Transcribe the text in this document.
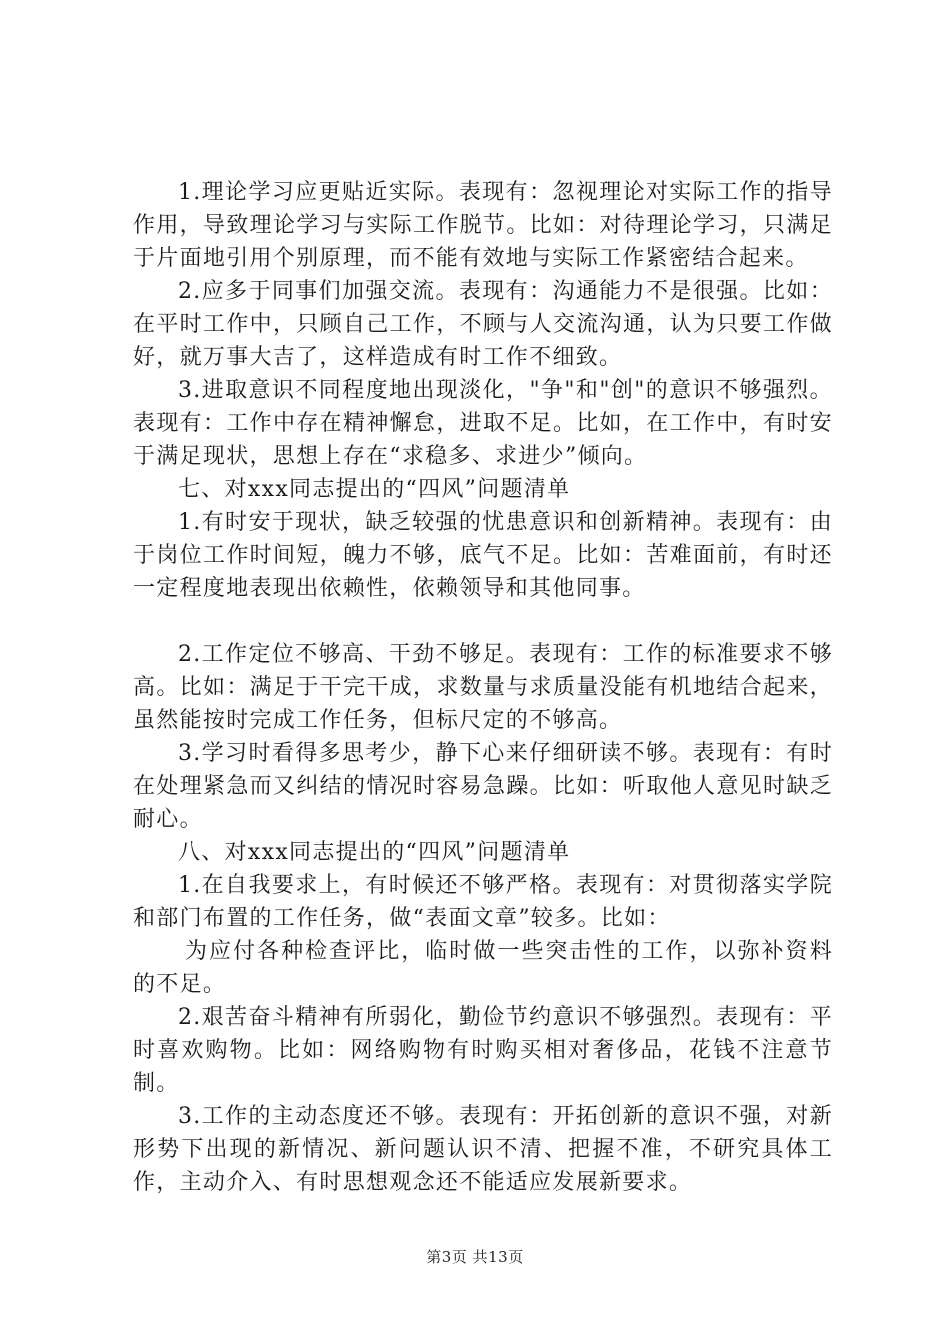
1.理论学习应更贴近实际。表现有：忽视理论对实际工作的指导作用，导致理论学习与实际工作脱节。比如：对待理论学习，只满足于片面地引用个别原理，而不能有效地与实际工作紧密结合起来。

2.应多于同事们加强交流。表现有：沟通能力不是很强。比如：在平时工作中，只顾自己工作，不顾与人交流沟通，认为只要工作做好，就万事大吉了，这样造成有时工作不细致。

3.进取意识不同程度地出现淡化，"争"和"创"的意识不够强烈。表现有：工作中存在精神懈怠，进取不足。比如，在工作中，有时安于满足现状，思想上存在“求稳多、求进少”倾向。

七、对xxx同志提出的“四风”问题清单

1.有时安于现状，缺乏较强的忧患意识和创新精神。表现有：由于岗位工作时间短，魄力不够，底气不足。比如：苦难面前，有时还一定程度地表现出依赖性，依赖领导和其他同事。

2.工作定位不够高、干劲不够足。表现有：工作的标准要求不够高。比如：满足于干完干成，求数量与求质量没能有机地结合起来，虽然能按时完成工作任务，但标尺定的不够高。

3.学习时看得多思考少，静下心来仔细研读不够。表现有：有时在处理紧急而又纠结的情况时容易急躁。比如：听取他人意见时缺乏耐心。

八、对xxx同志提出的“四风”问题清单

1.在自我要求上，有时候还不够严格。表现有：对贯彻落实学院和部门布置的工作任务，做“表面文章”较多。比如：

为应付各种检查评比，临时做一些突击性的工作，以弥补资料的不足。

2.艰苦奋斗精神有所弱化，勤俭节约意识不够强烈。表现有：平时喜欢购物。比如：网络购物有时购买相对奢侈品，花钱不注意节制。

3.工作的主动态度还不够。表现有：开拓创新的意识不强，对新形势下出现的新情况、新问题认识不清、把握不准，不研究具体工作，主动介入、有时思想观念还不能适应发展新要求。

第3页 共13页
